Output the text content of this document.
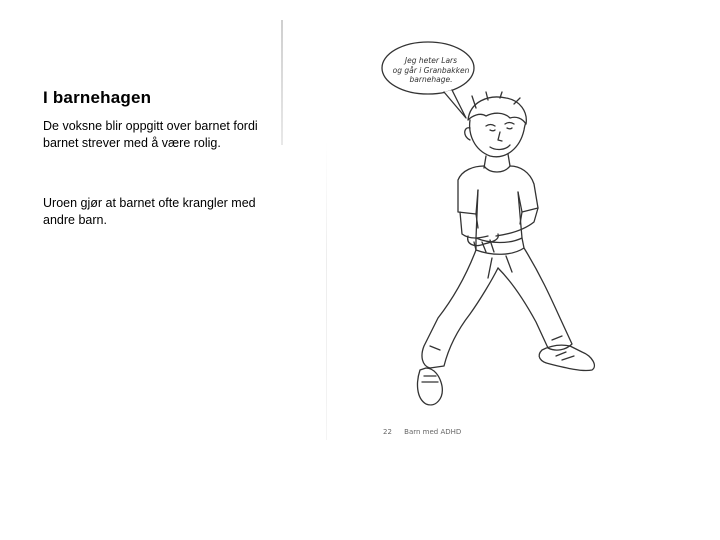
I barnehagen
De voksne blir oppgitt over barnet fordi barnet strever med å være rolig.
Uroen gjør at barnet ofte krangler med andre barn.
Jeg heter Lars
og går i Granbakken
barnehage.
22 Barn med ADHD
